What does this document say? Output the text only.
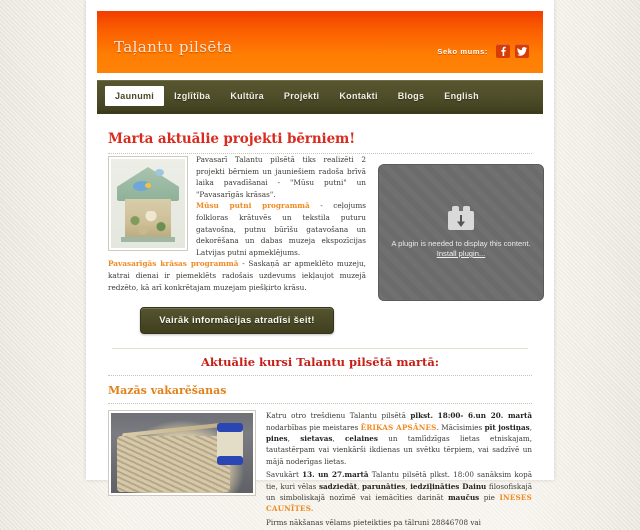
Taļantu pilsēta	Seko mums:
Jaunumi	Izglītība	Kultūra	Projekti	Kontakti	Blogs	English
Marta aktuālie projekti bērniem!
Pavasarī Talantu pilsētā tiks realizēti 2 projekti bērniem un jauniešiem radoša brīvā laika pavadīšanai - "Mūsu putni" un "Pavasarīgās krāsas".
Mūsu putni programmā - ceļojums folkloras krātuvēs un tekstila puturu gatavošna, putnu būrīšu gatavošana un dekorēšana un dabas muzeja ekspozīcijas Latvijas putni apmeklējums.
Pavasarīgās krāsas programmā - Saskaņā ar apmeklēto muzeju, katrai dienai ir piemeklēts radošais uzdevums iekļaujot muzejā redzēto, kā arī konkrētajam muzejam piešķirto krāsu.
Vairāk informācijas atradīsi šeit!
A plugin is needed to display this content.
Install plugin...
Aktuālie kursi Talantu pilsētā martā:
Mazās vakarēšanas

Katru otro trešdienu Talantu pilsētā plkst. 18:00- 6.un 20. martā nodarbības pie meistares ĒRIKAS APSĀNES. Mācīsimies pīt jostiņas, pines, sietavas, celaines un tamlīdzīgas lietas etniskajam, tautastērpam vai vienkārši ikdienas un svētku tērpiem, vai sadzīvē un mājā noderīgas lietas.

Savukārt 13. un 27.martā Talantu pilsētā plkst. 18:00 sanāksim kopā tie, kuri vēlas sadziedāt, parunāties, iedziļināties Dainu filosofiskajā un simboliskajā nozīmē vai iemācīties darināt maučus pie INESES CAUNĪTES.

Pirms nākšanas vēlams pieteikties pa tālruni 28846708 vai
